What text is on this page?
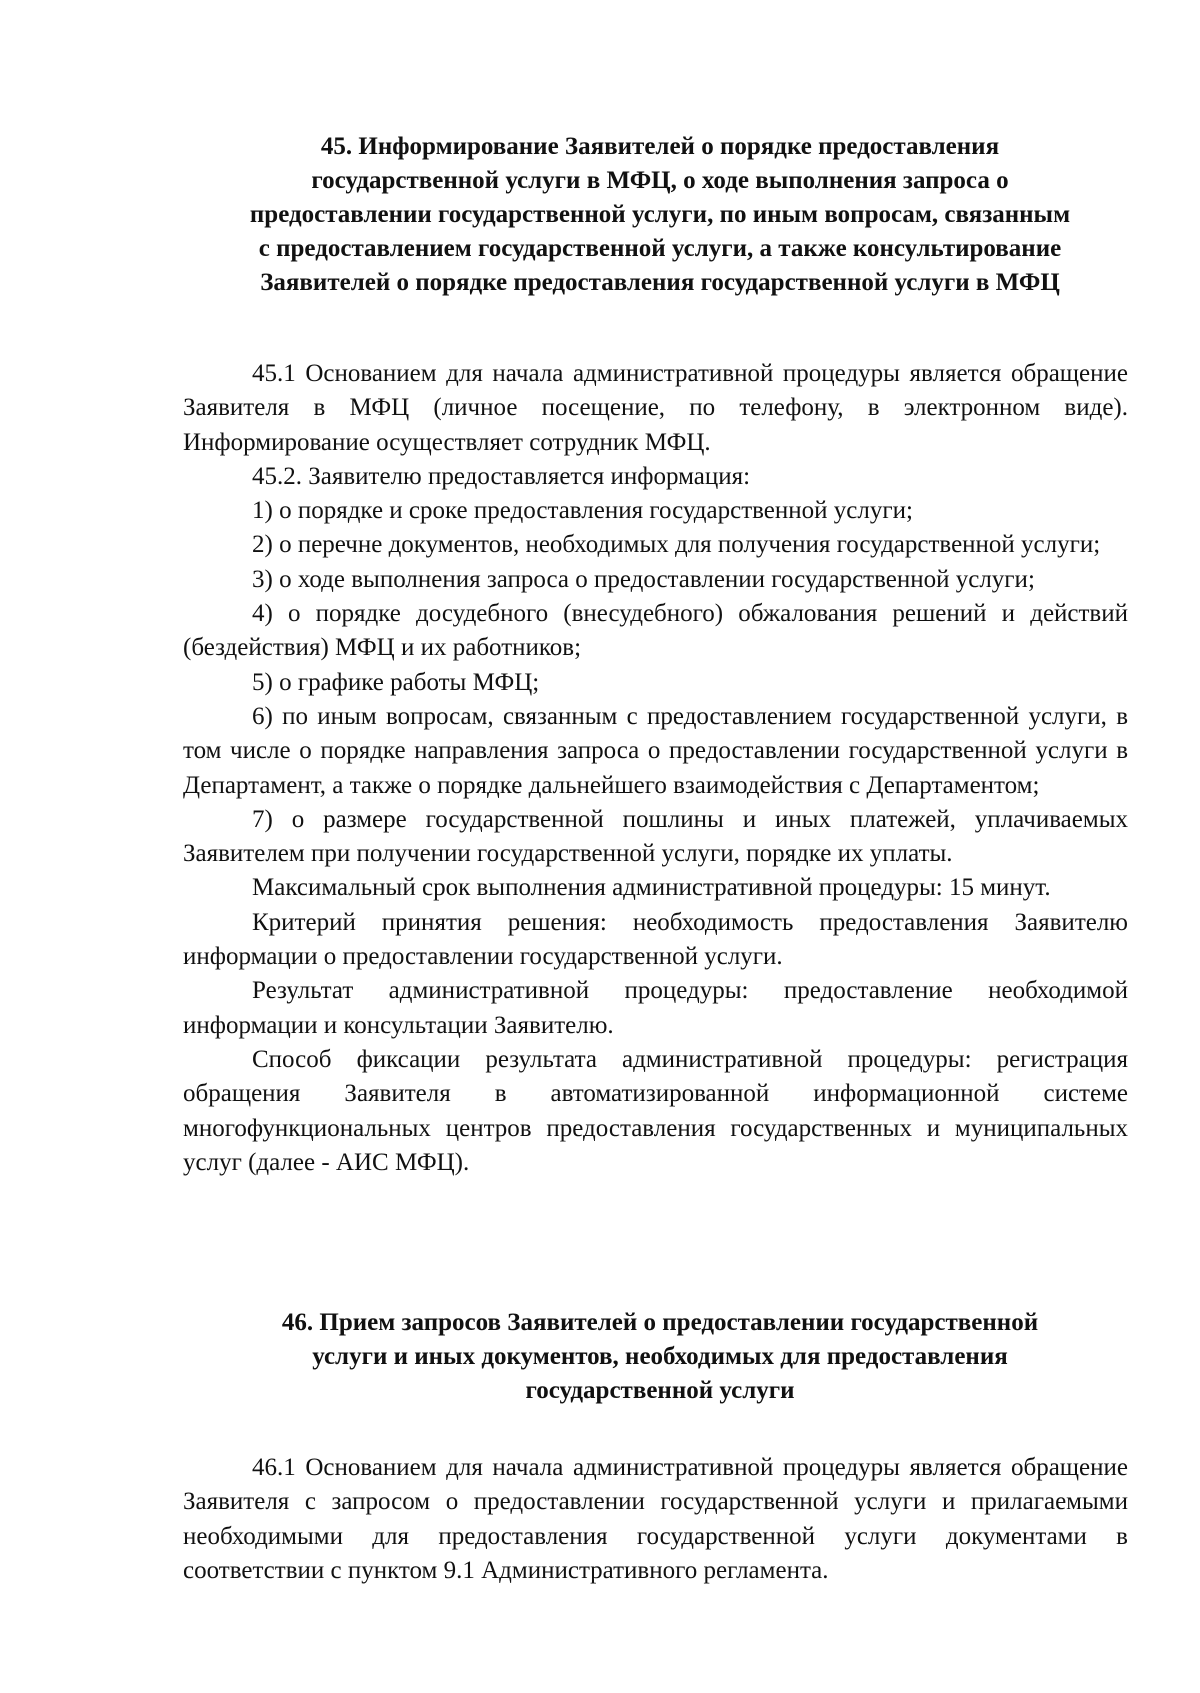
45. Информирование Заявителей о порядке предоставления
государственной услуги в МФЦ, о ходе выполнения запроса о
предоставлении государственной услуги, по иным вопросам, связанным
с предоставлением государственной услуги, а также консультирование
Заявителей о порядке предоставления государственной услуги в МФЦ

45.1 Основанием для начала административной процедуры является обращение Заявителя в МФЦ (личное посещение, по телефону, в электронном виде). Информирование осуществляет сотрудник МФЦ.

45.2. Заявителю предоставляется информация:

1) о порядке и сроке предоставления государственной услуги;

2) о перечне документов, необходимых для получения государственной услуги;

3) о ходе выполнения запроса о предоставлении государственной услуги;

4) о порядке досудебного (внесудебного) обжалования решений и действий (бездействия) МФЦ и их работников;

5) о графике работы МФЦ;

6) по иным вопросам, связанным с предоставлением государственной услуги, в том числе о порядке направления запроса о предоставлении государственной услуги в Департамент, а также о порядке дальнейшего взаимодействия с Департаментом;

7) о размере государственной пошлины и иных платежей, уплачиваемых Заявителем при получении государственной услуги, порядке их уплаты.

Максимальный срок выполнения административной процедуры: 15 минут.

Критерий принятия решения: необходимость предоставления Заявителю информации о предоставлении государственной услуги.

Результат административной процедуры: предоставление необходимой информации и консультации Заявителю.

Способ фиксации результата административной процедуры: регистрация обращения Заявителя в автоматизированной информационной системе многофункциональных центров предоставления государственных и муниципальных услуг (далее - АИС МФЦ).

46. Прием запросов Заявителей о предоставлении государственной
услуги и иных документов, необходимых для предоставления
государственной услуги

46.1 Основанием для начала административной процедуры является обращение Заявителя с запросом о предоставлении государственной услуги и прилагаемыми необходимыми для предоставления государственной услуги документами в соответствии с пунктом 9.1 Административного регламента.
